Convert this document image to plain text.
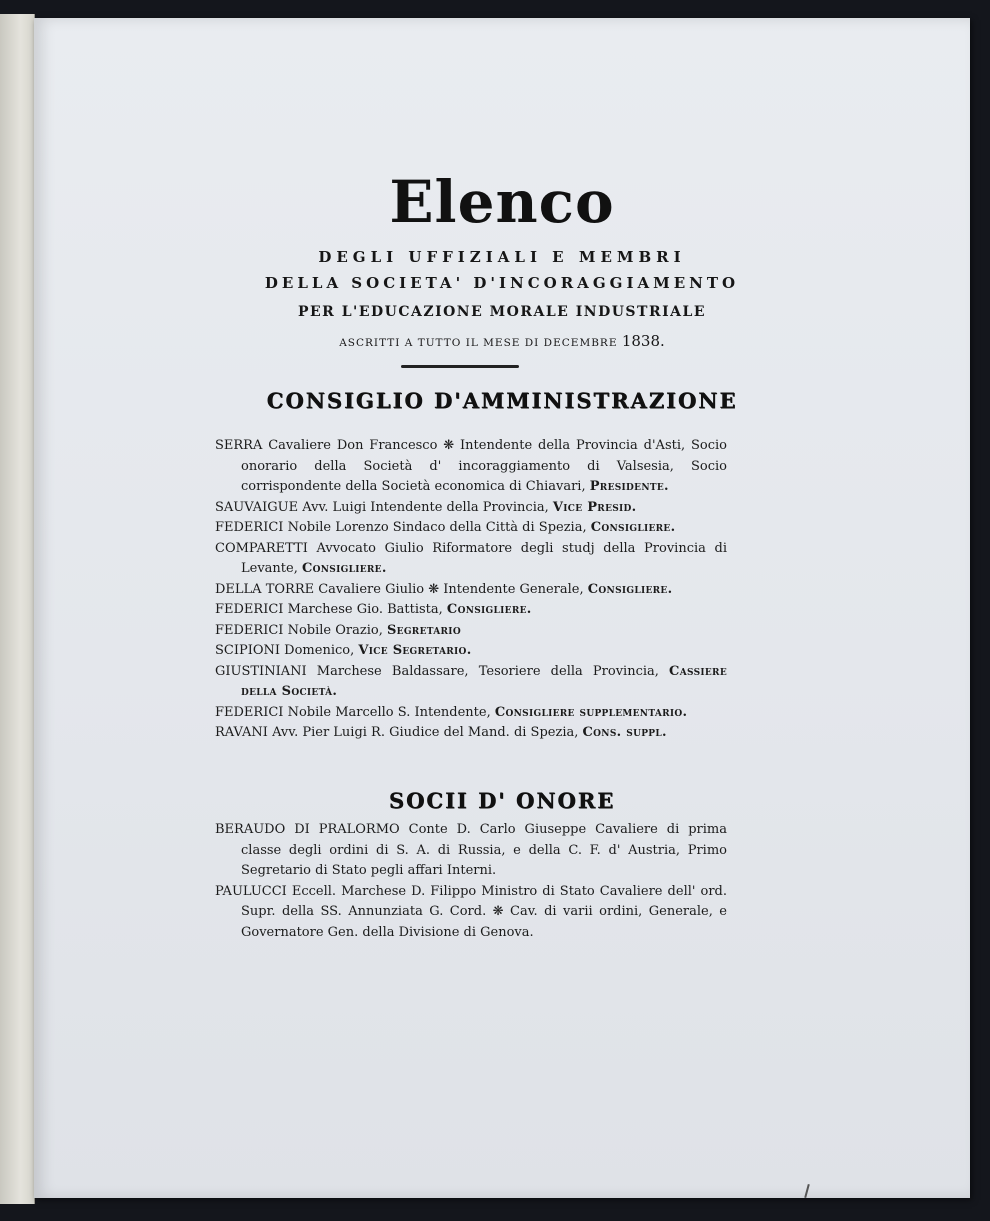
Elenco
DEGLI UFFIZIALI E MEMBRI
DELLA SOCIETA' D'INCORAGGIAMENTO
PER L'EDUCAZIONE MORALE INDUSTRIALE
ASCRITTI A TUTTO IL MESE DI DECEMBRE 1838.
CONSIGLIO D'AMMINISTRAZIONE

SERRA Cavaliere Don Francesco ❋ Intendente della Provincia d'Asti, Socio onorario della Società d' incoraggiamento di Valsesia, Socio corrispondente della Società economica di Chiavari, Presidente.

SAUVAIGUE Avv. Luigi Intendente della Provincia, Vice Presid.

FEDERICI Nobile Lorenzo Sindaco della Città di Spezia, Consigliere.

COMPARETTI Avvocato Giulio Riformatore degli studj della Provincia di Levante, Consigliere.

DELLA TORRE Cavaliere Giulio ❋ Intendente Generale, Consigliere.

FEDERICI Marchese Gio. Battista, Consigliere.

FEDERICI Nobile Orazio, Segretario

SCIPIONI Domenico, Vice Segretario.

GIUSTINIANI Marchese Baldassare, Tesoriere della Provincia, Cassiere della Società.

FEDERICI Nobile Marcello S. Intendente, Consigliere supplementario.

RAVANI Avv. Pier Luigi R. Giudice del Mand. di Spezia, Cons. suppl.

SOCII D' ONORE

BERAUDO DI PRALORMO Conte D. Carlo Giuseppe Cavaliere di prima classe degli ordini di S. A. di Russia, e della C. F. d' Austria, Primo Segretario di Stato pegli affari Interni.

PAULUCCI Eccell. Marchese D. Filippo Ministro di Stato Cavaliere dell' ord. Supr. della SS. Annunziata G. Cord. ❋ Cav. di varii ordini, Generale, e Governatore Gen. della Divisione di Genova.
